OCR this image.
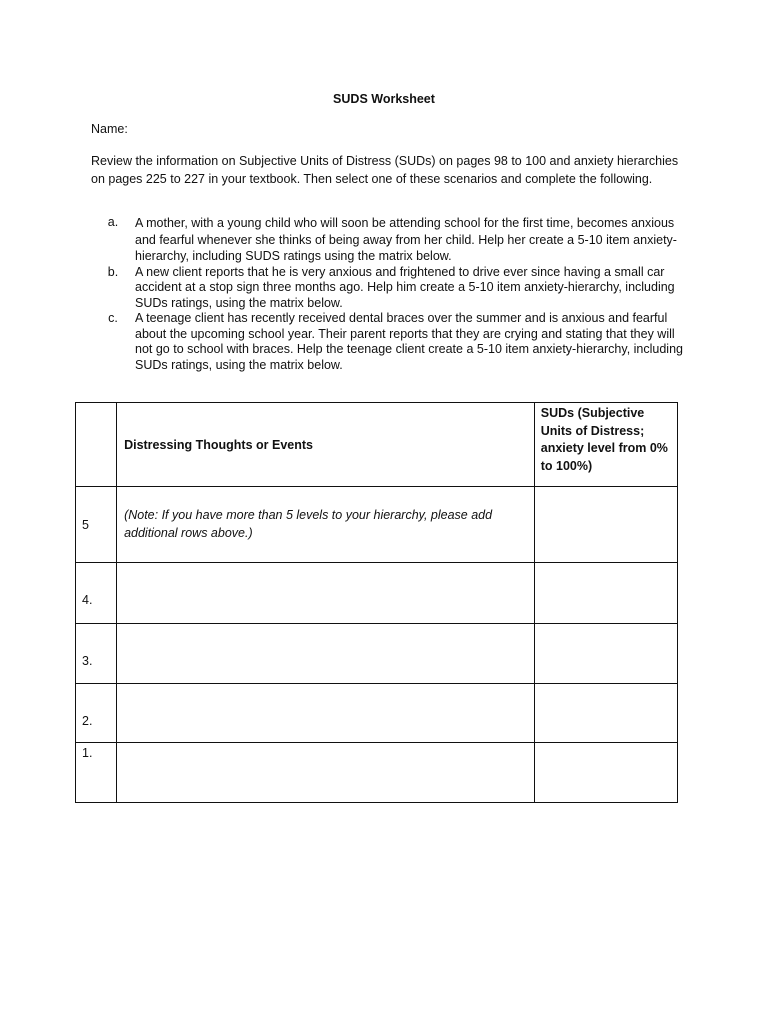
SUDS Worksheet
Name:
Review the information on Subjective Units of Distress (SUDs) on pages 98 to 100 and anxiety hierarchies on pages 225 to 227 in your textbook. Then select one of these scenarios and complete the following.
a.	A mother, with a young child who will soon be attending school for the first time, becomes anxious and fearful whenever she thinks of being away from her child. Help her create a 5-10 item anxiety-hierarchy, including SUDS ratings using the matrix below.
b.	A new client reports that he is very anxious and frightened to drive ever since having a small car accident at a stop sign three months ago. Help him create a 5-10 item anxiety-hierarchy, including SUDs ratings, using the matrix below.
c.	A teenage client has recently received dental braces over the summer and is anxious and fearful about the upcoming school year. Their parent reports that they are crying and stating that they will not go to school with braces. Help the teenage client create a 5-10 item anxiety-hierarchy, including SUDs ratings, using the matrix below.
	Distressing Thoughts or Events	SUDs (Subjective Units of Distress; anxiety level from 0% to 100%)
5	(Note: If you have more than 5 levels to your hierarchy, please add additional rows above.)	
4.		
3.		
2.		
1.		
